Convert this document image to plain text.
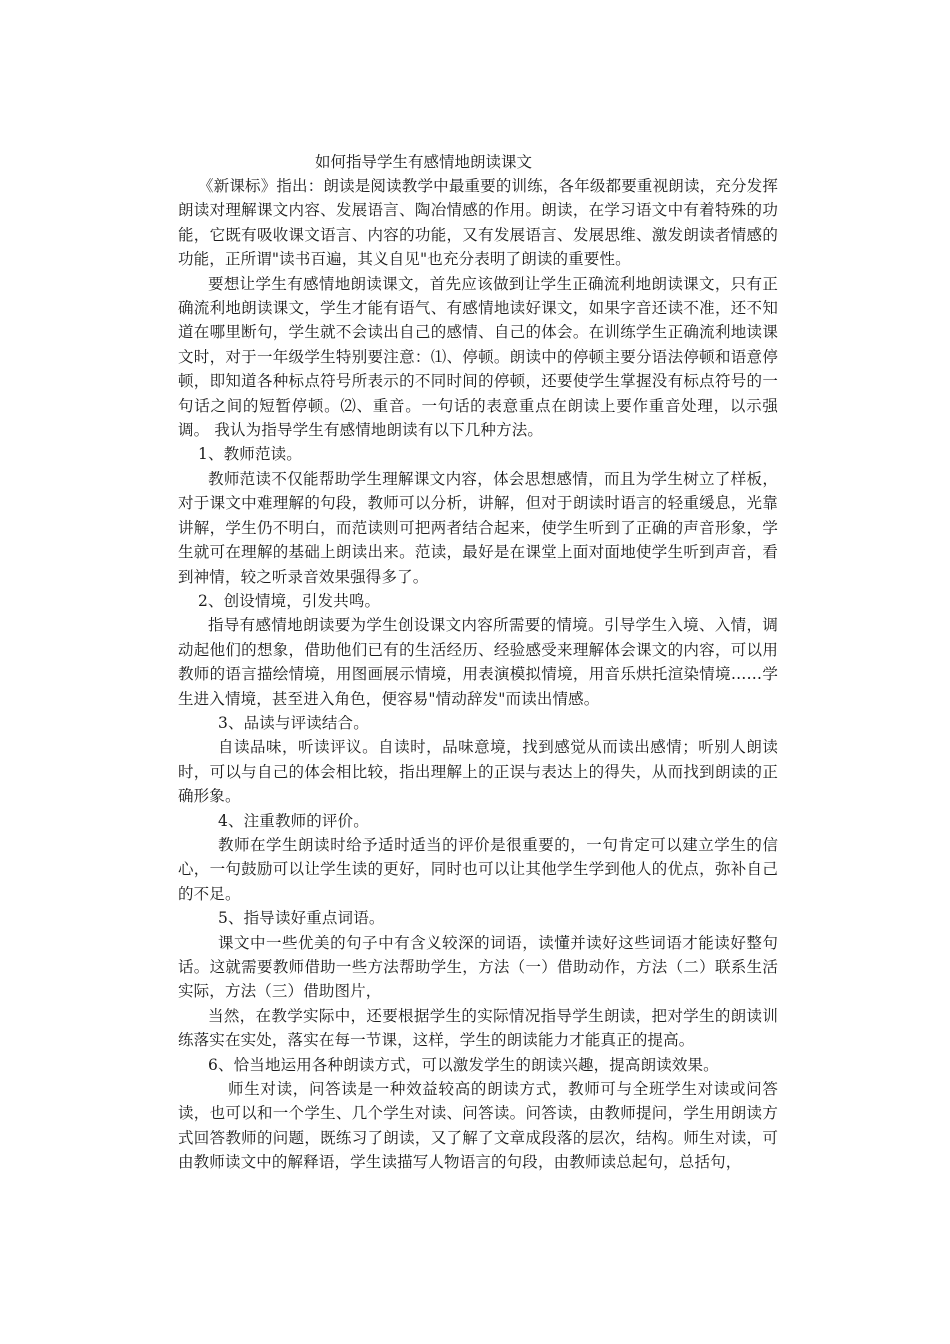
如何指导学生有感情地朗读课文

《新课标》指出：朗读是阅读教学中最重要的训练，各年级都要重视朗读，充分发挥朗读对理解课文内容、发展语言、陶冶情感的作用。朗读，在学习语文中有着特殊的功能，它既有吸收课文语言、内容的功能，又有发展语言、发展思维、激发朗读者情感的功能，正所谓"读书百遍，其义自见"也充分表明了朗读的重要性。

要想让学生有感情地朗读课文，首先应该做到让学生正确流利地朗读课文，只有正确流利地朗读课文，学生才能有语气、有感情地读好课文，如果字音还读不准，还不知道在哪里断句，学生就不会读出自己的感情、自己的体会。在训练学生正确流利地读课文时，对于一年级学生特别要注意：⑴、停顿。朗读中的停顿主要分语法停顿和语意停顿，即知道各种标点符号所表示的不同时间的停顿，还要使学生掌握没有标点符号的一句话之间的短暂停顿。⑵、重音。一句话的表意重点在朗读上要作重音处理，以示强调。 我认为指导学生有感情地朗读有以下几种方法。

1、教师范读。

教师范读不仅能帮助学生理解课文内容，体会思想感情，而且为学生树立了样板，对于课文中难理解的句段，教师可以分析，讲解，但对于朗读时语言的轻重缓息，光靠讲解，学生仍不明白，而范读则可把两者结合起来，使学生听到了正确的声音形象，学生就可在理解的基础上朗读出来。范读，最好是在课堂上面对面地使学生听到声音，看到神情，较之听录音效果强得多了。

2、创设情境，引发共鸣。

指导有感情地朗读要为学生创设课文内容所需要的情境。引导学生入境、入情，调动起他们的想象，借助他们已有的生活经历、经验感受来理解体会课文的内容，可以用教师的语言描绘情境，用图画展示情境，用表演模拟情境，用音乐烘托渲染情境……学生进入情境，甚至进入角色，便容易"情动辞发"而读出情感。

3、品读与评读结合。

自读品味，听读评议。自读时，品味意境，找到感觉从而读出感情；听别人朗读时，可以与自己的体会相比较，指出理解上的正误与表达上的得失，从而找到朗读的正确形象。

4、注重教师的评价。

教师在学生朗读时给予适时适当的评价是很重要的，一句肯定可以建立学生的信心，一句鼓励可以让学生读的更好，同时也可以让其他学生学到他人的优点，弥补自己的不足。

5、指导读好重点词语。

课文中一些优美的句子中有含义较深的词语，读懂并读好这些词语才能读好整句话。这就需要教师借助一些方法帮助学生，方法（一）借助动作，方法（二）联系生活实际，方法（三）借助图片，

当然，在教学实际中，还要根据学生的实际情况指导学生朗读，把对学生的朗读训练落实在实处，落实在每一节课，这样，学生的朗读能力才能真正的提高。

6、恰当地运用各种朗读方式，可以激发学生的朗读兴趣，提高朗读效果。

师生对读，问答读是一种效益较高的朗读方式，教师可与全班学生对读或问答读，也可以和一个学生、几个学生对读、问答读。问答读，由教师提问，学生用朗读方式回答教师的问题，既练习了朗读，又了解了文章成段落的层次，结构。师生对读，可由教师读文中的解释语，学生读描写人物语言的句段，由教师读总起句，总括句，
